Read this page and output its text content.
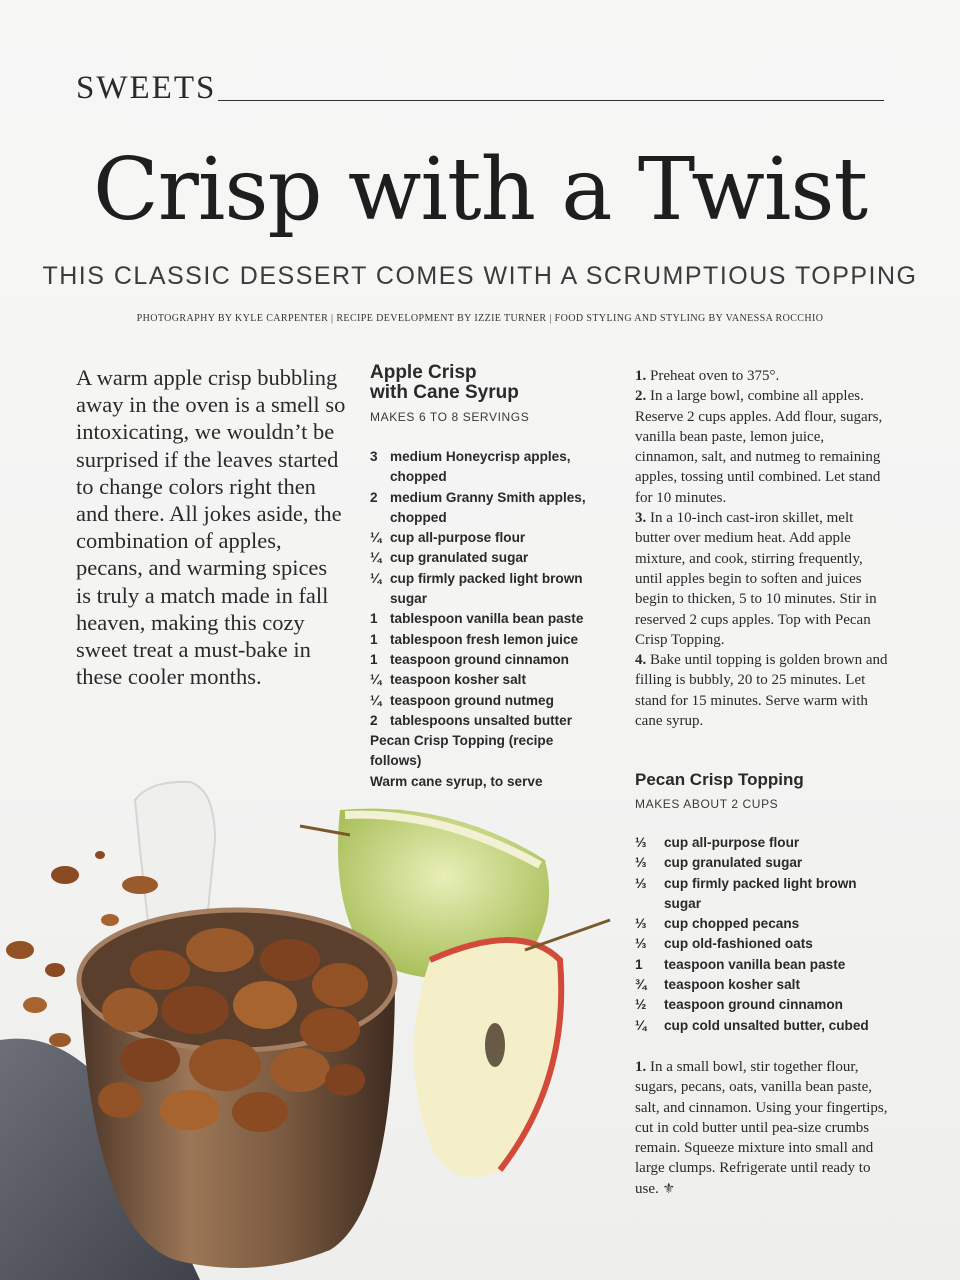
SWEETS
Crisp with a Twist
THIS CLASSIC DESSERT COMES WITH A SCRUMPTIOUS TOPPING
PHOTOGRAPHY BY KYLE CARPENTER | RECIPE DEVELOPMENT BY IZZIE TURNER | FOOD STYLING AND STYLING BY VANESSA ROCCHIO
A warm apple crisp bubbling away in the oven is a smell so intoxicating, we wouldn’t be surprised if the leaves started to change colors right then and there. All jokes aside, the combination of apples, pecans, and warming spices is truly a match made in fall heaven, making this cozy sweet treat a must-bake in these cooler months.
Apple Crisp
with Cane Syrup
MAKES 6 TO 8 SERVINGS
3 medium Honeycrisp apples, chopped
2 medium Granny Smith apples, chopped
¼ cup all-purpose flour
¼ cup granulated sugar
¼ cup firmly packed light brown sugar
1 tablespoon vanilla bean paste
1 tablespoon fresh lemon juice
1 teaspoon ground cinnamon
¼ teaspoon kosher salt
¼ teaspoon ground nutmeg
2 tablespoons unsalted butter
Pecan Crisp Topping (recipe follows)
Warm cane syrup, to serve

1. Preheat oven to 375°.

2. In a large bowl, combine all apples. Reserve 2 cups apples. Add flour, sugars, vanilla bean paste, lemon juice, cinnamon, salt, and nutmeg to remaining apples, tossing until combined. Let stand for 10 minutes.

3. In a 10-inch cast-iron skillet, melt butter over medium heat. Add apple mixture, and cook, stirring frequently, until apples begin to soften and juices begin to thicken, 5 to 10 minutes. Stir in reserved 2 cups apples. Top with Pecan Crisp Topping.

4. Bake until topping is golden brown and filling is bubbly, 20 to 25 minutes. Let stand for 15 minutes. Serve warm with cane syrup.

Pecan Crisp Topping
MAKES ABOUT 2 CUPS
⅓ cup all-purpose flour
⅓ cup granulated sugar
⅓ cup firmly packed light brown sugar
⅓ cup chopped pecans
⅓ cup old-fashioned oats
1 teaspoon vanilla bean paste
¾ teaspoon kosher salt
½ teaspoon ground cinnamon
¼ cup cold unsalted butter, cubed

1. In a small bowl, stir together flour, sugars, pecans, oats, vanilla bean paste, salt, and cinnamon. Using your fingertips, cut in cold butter until pea-size crumbs remain. Squeeze mixture into small and large clumps. Refrigerate until ready to use. ⚜
